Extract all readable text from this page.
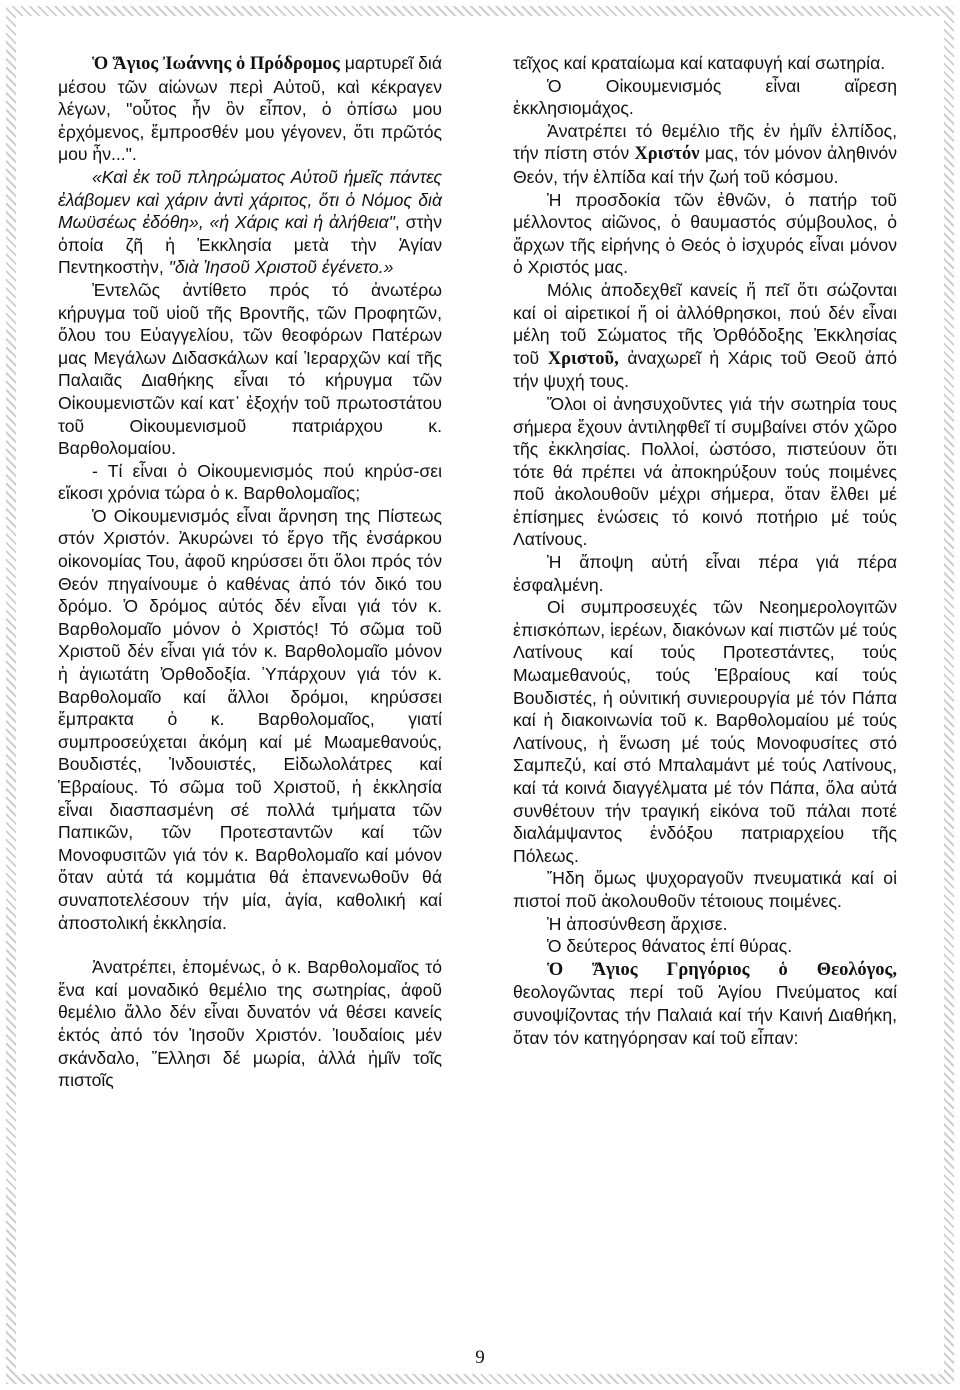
Ὁ Ἅγιος Ἰωάννης ὁ Πρόδρομος μαρτυρεῖ διά μέσου τῶν αἰώνων περὶ Αὐτοῦ, καὶ κέκραγεν λέγων, "οὗτος ἦν ὃν εἶπον, ὁ ὀπίσω μου ἐρχόμενος, ἔμπροσθέν μου γέγονεν, ὅτι πρῶτός μου ἦν...".

«Καὶ ἐκ τοῦ πληρώματος Αὐτοῦ ἡμεῖς πάντες ἐλάβομεν καὶ χάριν ἀντὶ χάριτος, ὅτι ὁ Νόμος διὰ Μωϋσέως ἐδόθη», «ἡ Χάρις καὶ ἡ ἀλήθεια", στὴν ὁποία ζῆ ἡ Ἐκκλησία μετὰ τὴν Ἁγίαν Πεντηκοστὴν, "διὰ Ἰησοῦ Χριστοῦ ἐγένετο.»

Ἐντελῶς ἀντίθετο πρός τό ἀνωτέρω κήρυγμα τοῦ υἱοῦ τῆς Βροντῆς, τῶν Προφητῶν, ὅλου του Εὐαγγελίου, τῶν θεοφόρων Πατέρων μας Μεγάλων Διδασκάλων καί Ἱεραρχῶν καί τῆς Παλαιᾶς Διαθήκης εἶναι τό κήρυγμα τῶν Οἰκουμενιστῶν καί κατ᾽ ἐξοχήν τοῦ πρωτοστάτου τοῦ Οἰκουμενισμοῦ πατριάρχου κ. Βαρθολομαίου.

- Τί εἶναι ὁ Οἰκουμενισμός πού κηρύσ-σει εἴκοσι χρόνια τώρα ὁ κ. Βαρθολομαῖος;

Ὁ Οἰκουμενισμός εἶναι ἄρνηση της Πίστεως στόν Χριστόν. Ἀκυρώνει τό ἔργο τῆς ἐνσάρκου οἰκονομίας Του, ἀφοῦ κηρύσσει ὅτι ὅλοι πρός τόν Θεόν πηγαίνουμε ὁ καθένας ἀπό τόν δικό του δρόμο. Ὁ δρόμος αὐτός δέν εἶναι γιά τόν κ. Βαρθολομαῖο μόνον ὁ Χριστός! Τό σῶμα τοῦ Χριστοῦ δέν εἶναι γιά τόν κ. Βαρθολομαῖο μόνον ἡ ἁγιωτάτη Ὀρθοδοξία. Ὑπάρχουν γιά τόν κ. Βαρθολομαῖο καί ἄλλοι δρόμοι, κηρύσσει ἔμπρακτα ὁ κ. Βαρθολομαῖος, γιατί συμπροσεύχεται ἀκόμη καί μέ Μωαμεθανούς, Βουδιστές, Ἰνδουιστές, Εἰδωλολάτρες καί Ἑβραίους. Τό σῶμα τοῦ Χριστοῦ, ἡ ἐκκλησία εἶναι διασπασμένη σέ πολλά τμήματα τῶν Παπικῶν, τῶν Προτεσταντῶν καί τῶν Μονοφυσιτῶν γιά τόν κ. Βαρθολομαῖο καί μόνον ὅταν αὐτά τά κομμάτια θά ἐπανενωθοῦν θά συναποτελέσουν τήν μία, ἁγία, καθολική καί ἀποστολική ἐκκλησία.

Ἀνατρέπει, ἑπομένως, ὁ κ. Βαρθολομαῖος τό ἕνα καί μοναδικό θεμέλιο της σωτηρίας, ἀφοῦ θεμέλιο ἄλλο δέν εἶναι δυνατόν νά θέσει κανείς ἐκτός ἀπό τόν Ἰησοῦν Χριστόν. Ἰουδαίοις μέν σκάνδαλο, Ἕλλησι δέ μωρία, ἀλλά ἡμῖν τοῖς πιστοῖς

τεῖχος καί κραταίωμα καί καταφυγή καί σωτηρία.

Ὁ Οἰκουμενισμός εἶναι αἵρεση ἐκκλησιομάχος.

Ἀνατρέπει τό θεμέλιο τῆς ἐν ἡμῖν ἐλπίδος, τήν πίστη στόν Χριστόν μας, τόν μόνον ἀληθινόν Θεόν, τήν ἐλπίδα καί τήν ζωή τοῦ κόσμου.

Ἡ προσδοκία τῶν ἐθνῶν, ὁ πατήρ τοῦ μέλλοντος αἰῶνος, ὁ θαυμαστός σύμβουλος, ὁ ἄρχων τῆς εἰρήνης ὁ Θεός ὁ ἰσχυρός εἶναι μόνον ὁ Χριστός μας.

Μόλις ἀποδεχθεῖ κανείς ἤ πεῖ ὅτι σώζονται καί οἱ αἱρετικοί ἤ οἱ ἀλλόθρησκοι, πού δέν εἶναι μέλη τοῦ Σώματος τῆς Ὀρθόδοξης Ἐκκλησίας τοῦ Χριστοῦ, ἀναχωρεῖ ἡ Χάρις τοῦ Θεοῦ ἀπό τήν ψυχή τους.

Ὅλοι οἱ ἀνησυχοῦντες γιά τήν σωτηρία τους σήμερα ἔχουν ἀντιληφθεῖ τί συμβαίνει στόν χῶρο τῆς ἐκκλησίας. Πολλοί, ὡστόσο, πιστεύουν ὅτι τότε θά πρέπει νά ἀποκηρύξουν τούς ποιμένες ποῦ ἀκολουθοῦν μέχρι σήμερα, ὅταν ἔλθει μέ ἐπίσημες ἑνώσεις τό κοινό ποτήριο μέ τούς Λατίνους.

Ἡ ἄποψη αὐτή εἶναι πέρα γιά πέρα ἐσφαλμένη.

Οἱ συμπροσευχές τῶν Νεοημερολογιτῶν ἐπισκόπων, ἱερέων, διακόνων καί πιστῶν μέ τούς Λατίνους καί τούς Προτεστάντες, τούς Μωαμεθανούς, τούς Ἑβραίους καί τούς Βουδιστές, ἡ οὐνιτική συνιερουργία μέ τόν Πάπα καί ἡ διακοινωνία τοῦ κ. Βαρθολομαίου μέ τούς Λατίνους, ἡ ἕνωση μέ τούς Μονοφυσίτες στό Σαμπεζύ, καί στό Μπαλαμάντ μέ τούς Λατίνους, καί τά κοινά διαγγέλματα μέ τόν Πάπα, ὅλα αὐτά συνθέτουν τήν τραγική εἰκόνα τοῦ πάλαι ποτέ διαλάμψαντος ἐνδόξου πατριαρχείου τῆς Πόλεως.

Ἤδη ὅμως ψυχοραγοῦν πνευματικά καί οἱ πιστοί ποῦ ἀκολουθοῦν τέτοιους ποιμένες.

Ἡ ἀποσύνθεση ἄρχισε.

Ὁ δεύτερος θάνατος ἐπί θύρας.

Ὁ Ἅγιος Γρηγόριος ὁ Θεολόγος, θεολογῶντας περί τοῦ Ἁγίου Πνεύματος καί συνοψίζοντας τήν Παλαιά καί τήν Καινή Διαθήκη, ὅταν τόν κατηγόρησαν καί τοῦ εἶπαν:

9
